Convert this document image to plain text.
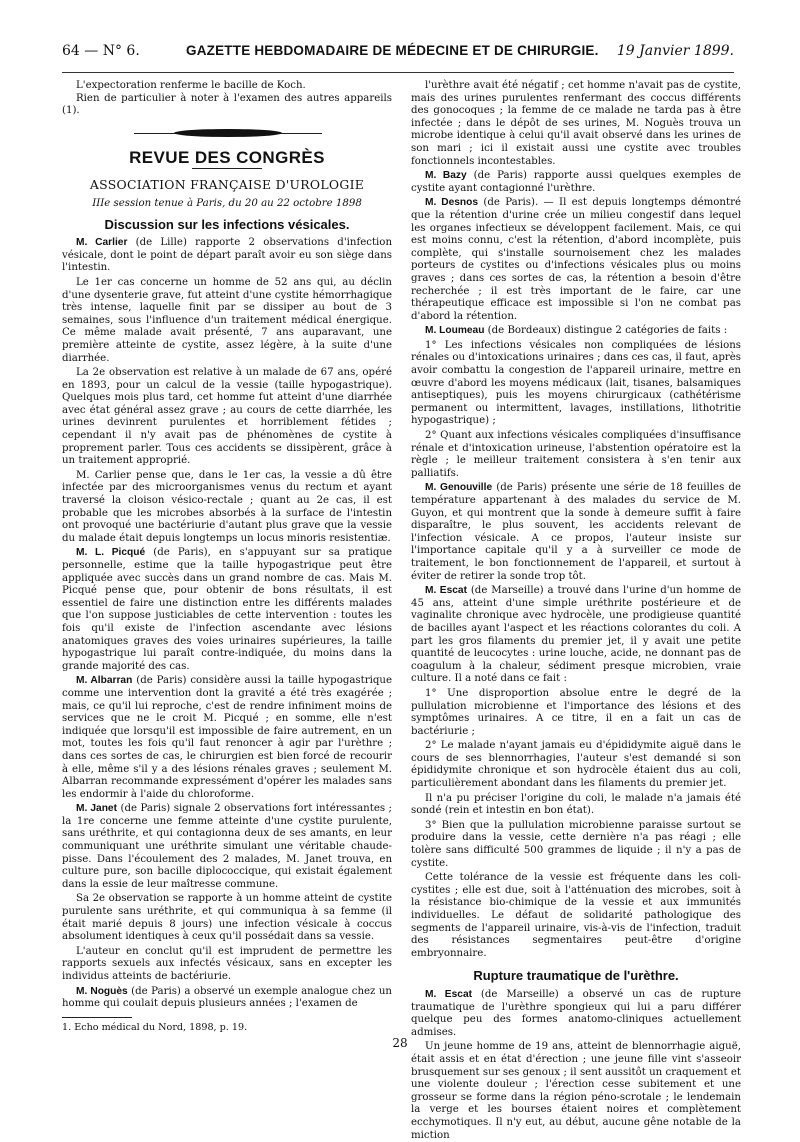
64 — N° 6.	GAZETTE HEBDOMADAIRE DE MÉDECINE ET DE CHIRURGIE. 19 Janvier 1899.

L'expectoration renferme le bacille de Koch.

Rien de particulier à noter à l'examen des autres appareils (1).

REVUE DES CONGRÈS
ASSOCIATION FRANÇAISE D'UROLOGIE
IIIe session tenue à Paris, du 20 au 22 octobre 1898
Discussion sur les infections vésicales.

M. Carlier (de Lille) rapporte 2 observations d'infection vésicale, dont le point de départ paraît avoir eu son siège dans l'intestin.

Le 1er cas concerne un homme de 52 ans qui, au déclin d'une dysenterie grave, fut atteint d'une cystite hémorrhagique très intense, laquelle finit par se dissiper au bout de 3 semaines, sous l'influence d'un traitement médical énergique. Ce même malade avait présenté, 7 ans auparavant, une première atteinte de cystite, assez légère, à la suite d'une diarrhée.

La 2e observation est relative à un malade de 67 ans, opéré en 1893, pour un calcul de la vessie (taille hypogastrique). Quelques mois plus tard, cet homme fut atteint d'une diarrhée avec état général assez grave ; au cours de cette diarrhée, les urines devinrent purulentes et horriblement fétides ; cependant il n'y avait pas de phénomènes de cystite à proprement parler. Tous ces accidents se dissipèrent, grâce à un traitement approprié.

M. Carlier pense que, dans le 1er cas, la vessie a dû être infectée par des microorganismes venus du rectum et ayant traversé la cloison vésico-rectale ; quant au 2e cas, il est probable que les microbes absorbés à la surface de l'intestin ont provoqué une bactériurie d'autant plus grave que la vessie du malade était depuis longtemps un locus minoris resistentiæ.

M. L. Picqué (de Paris), en s'appuyant sur sa pratique personnelle, estime que la taille hypogastrique peut être appliquée avec succès dans un grand nombre de cas. Mais M. Picqué pense que, pour obtenir de bons résultats, il est essentiel de faire une distinction entre les différents malades que l'on suppose justiciables de cette intervention : toutes les fois qu'il existe de l'infection ascendante avec lésions anatomiques graves des voies urinaires supérieures, la taille hypogastrique lui paraît contre-indiquée, du moins dans la grande majorité des cas.

M. Albarran (de Paris) considère aussi la taille hypogastrique comme une intervention dont la gravité a été très exagérée ; mais, ce qu'il lui reproche, c'est de rendre infiniment moins de services que ne le croit M. Picqué ; en somme, elle n'est indiquée que lorsqu'il est impossible de faire autrement, en un mot, toutes les fois qu'il faut renoncer à agir par l'urèthre ; dans ces sortes de cas, le chirurgien est bien forcé de recourir à elle, même s'il y a des lésions rénales graves ; seulement M. Albarran recommande expressément d'opérer les malades sans les endormir à l'aide du chloroforme.

M. Janet (de Paris) signale 2 observations fort intéressantes ; la 1re concerne une femme atteinte d'une cystite purulente, sans uréthrite, et qui contagionna deux de ses amants, en leur communiquant une uréthrite simulant une véritable chaude-pisse. Dans l'écoulement des 2 malades, M. Janet trouva, en culture pure, son bacille diplococcique, qui existait également dans la essie de leur maîtresse commune.

Sa 2e observation se rapporte à un homme atteint de cystite purulente sans uréthrite, et qui communiqua à sa femme (il était marié depuis 8 jours) une infection vésicale à coccus absolument identiques à ceux qu'il possédait dans sa vessie.

L'auteur en conclut qu'il est imprudent de permettre les rapports sexuels aux infectés vésicaux, sans en excepter les individus atteints de bactériurie.

M. Noguès (de Paris) a observé un exemple analogue chez un homme qui coulait depuis plusieurs années ; l'examen de

1. Echo médical du Nord, 1898, p. 19.

l'urèthre avait été négatif ; cet homme n'avait pas de cystite, mais des urines purulentes renfermant des coccus différents des gonocoques ; la femme de ce malade ne tarda pas à être infectée ; dans le dépôt de ses urines, M. Noguès trouva un microbe identique à celui qu'il avait observé dans les urines de son mari ; ici il existait aussi une cystite avec troubles fonctionnels incontestables.

M. Bazy (de Paris) rapporte aussi quelques exemples de cystite ayant contagionné l'urèthre.

M. Desnos (de Paris). — Il est depuis longtemps démontré que la rétention d'urine crée un milieu congestif dans lequel les organes infectieux se développent facilement. Mais, ce qui est moins connu, c'est la rétention, d'abord incomplète, puis complète, qui s'installe sournoisement chez les malades porteurs de cystites ou d'infections vésicales plus ou moins graves ; dans ces sortes de cas, la rétention a besoin d'être recherchée ; il est très important de le faire, car une thérapeutique efficace est impossible si l'on ne combat pas d'abord la rétention.

M. Loumeau (de Bordeaux) distingue 2 catégories de faits :

1° Les infections vésicales non compliquées de lésions rénales ou d'intoxications urinaires ; dans ces cas, il faut, après avoir combattu la congestion de l'appareil urinaire, mettre en œuvre d'abord les moyens médicaux (lait, tisanes, balsamiques antiseptiques), puis les moyens chirurgicaux (cathétérisme permanent ou intermittent, lavages, instillations, lithotritie hypogastrique) ;

2° Quant aux infections vésicales compliquées d'insuffisance rénale et d'intoxication urineuse, l'abstention opératoire est la règle ; le meilleur traitement consistera à s'en tenir aux palliatifs.

M. Genouville (de Paris) présente une série de 18 feuilles de température appartenant à des malades du service de M. Guyon, et qui montrent que la sonde à demeure suffit à faire disparaître, le plus souvent, les accidents relevant de l'infection vésicale. A ce propos, l'auteur insiste sur l'importance capitale qu'il y a à surveiller ce mode de traitement, le bon fonctionnement de l'appareil, et surtout à éviter de retirer la sonde trop tôt.

M. Escat (de Marseille) a trouvé dans l'urine d'un homme de 45 ans, atteint d'une simple uréthrite postérieure et de vaginalite chronique avec hydrocèle, une prodigieuse quantité de bacilles ayant l'aspect et les réactions colorantes du coli. A part les gros filaments du premier jet, il y avait une petite quantité de leucocytes : urine louche, acide, ne donnant pas de coagulum à la chaleur, sédiment presque microbien, vraie culture. Il a noté dans ce fait :

1° Une disproportion absolue entre le degré de la pullulation microbienne et l'importance des lésions et des symptômes urinaires. A ce titre, il en a fait un cas de bactériurie ;

2° Le malade n'ayant jamais eu d'épididymite aiguë dans le cours de ses blennorrhagies, l'auteur s'est demandé si son épididymite chronique et son hydrocèle étaient dus au coli, particulièrement abondant dans les filaments du premier jet.

Il n'a pu préciser l'origine du coli, le malade n'a jamais été sondé (rein et intestin en bon état).

3° Bien que la pullulation microbienne paraisse surtout se produire dans la vessie, cette dernière n'a pas réagi ; elle tolère sans difficulté 500 grammes de liquide ; il n'y a pas de cystite.

Cette tolérance de la vessie est fréquente dans les coli-cystites ; elle est due, soit à l'atténuation des microbes, soit à la résistance bio-chimique de la vessie et aux immunités individuelles. Le défaut de solidarité pathologique des segments de l'appareil urinaire, vis-à-vis de l'infection, traduit des résistances segmentaires peut-être d'origine embryonnaire.

Rupture traumatique de l'urèthre.

M. Escat (de Marseille) a observé un cas de rupture traumatique de l'urèthre spongieux qui lui a paru différer quelque peu des formes anatomo-cliniques actuellement admises.

Un jeune homme de 19 ans, atteint de blennorrhagie aiguë, était assis et en état d'érection ; une jeune fille vint s'asseoir brusquement sur ses genoux ; il sent aussitôt un craquement et une violente douleur ; l'érection cesse subitement et une grosseur se forme dans la région péno-scrotale ; le lendemain la verge et les bourses étaient noires et complètement ecchymotiques. Il n'y eut, au début, aucune gêne notable de la miction

28
